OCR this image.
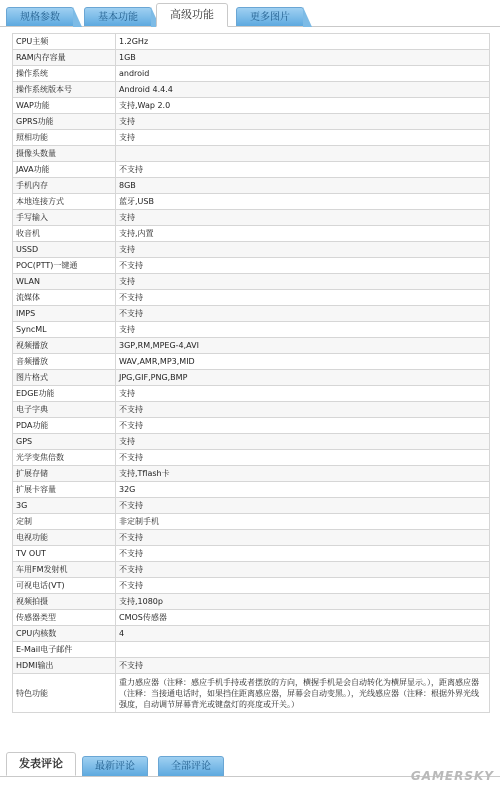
规格参数	基本功能	高级功能	更多图片
CPU主频	1.2GHz
RAM内存容量	1GB
操作系统	android
操作系统版本号	Android 4.4.4
WAP功能	支持,Wap 2.0
GPRS功能	支持
照相功能	支持
摄像头数量	
JAVA功能	不支持
手机内存	8GB
本地连接方式	蓝牙,USB
手写输入	支持
收音机	支持,内置
USSD	支持
POC(PTT)一键通	不支持
WLAN	支持
流媒体	不支持
IMPS	不支持
SyncML	支持
视频播放	3GP,RM,MPEG-4,AVI
音频播放	WAV,AMR,MP3,MID
图片格式	JPG,GIF,PNG,BMP
EDGE功能	支持
电子字典	不支持
PDA功能	不支持
GPS	支持
光学变焦倍数	不支持
扩展存储	支持,Tflash卡
扩展卡容量	32G
3G	不支持
定制	非定制手机
电视功能	不支持
TV OUT	不支持
车用FM发射机	不支持
可视电话(VT)	不支持
视频拍摄	支持,1080p
传感器类型	CMOS传感器
CPU内核数	4
E-Mail电子邮件	
HDMI输出	不支持
特色功能	重力感应器（注释：感应手机手持或者摆放的方向，横握手机是会自动转化为横屏显示。），距离感应器（注释：当接通电话时，如果挡住距离感应器，屏幕会自动变黑。），光线感应器（注释：根据外界光线强度，自动调节屏幕背光或键盘灯的亮度或开关。）
发表评论	最新评论	全部评论
GAMERSKY
